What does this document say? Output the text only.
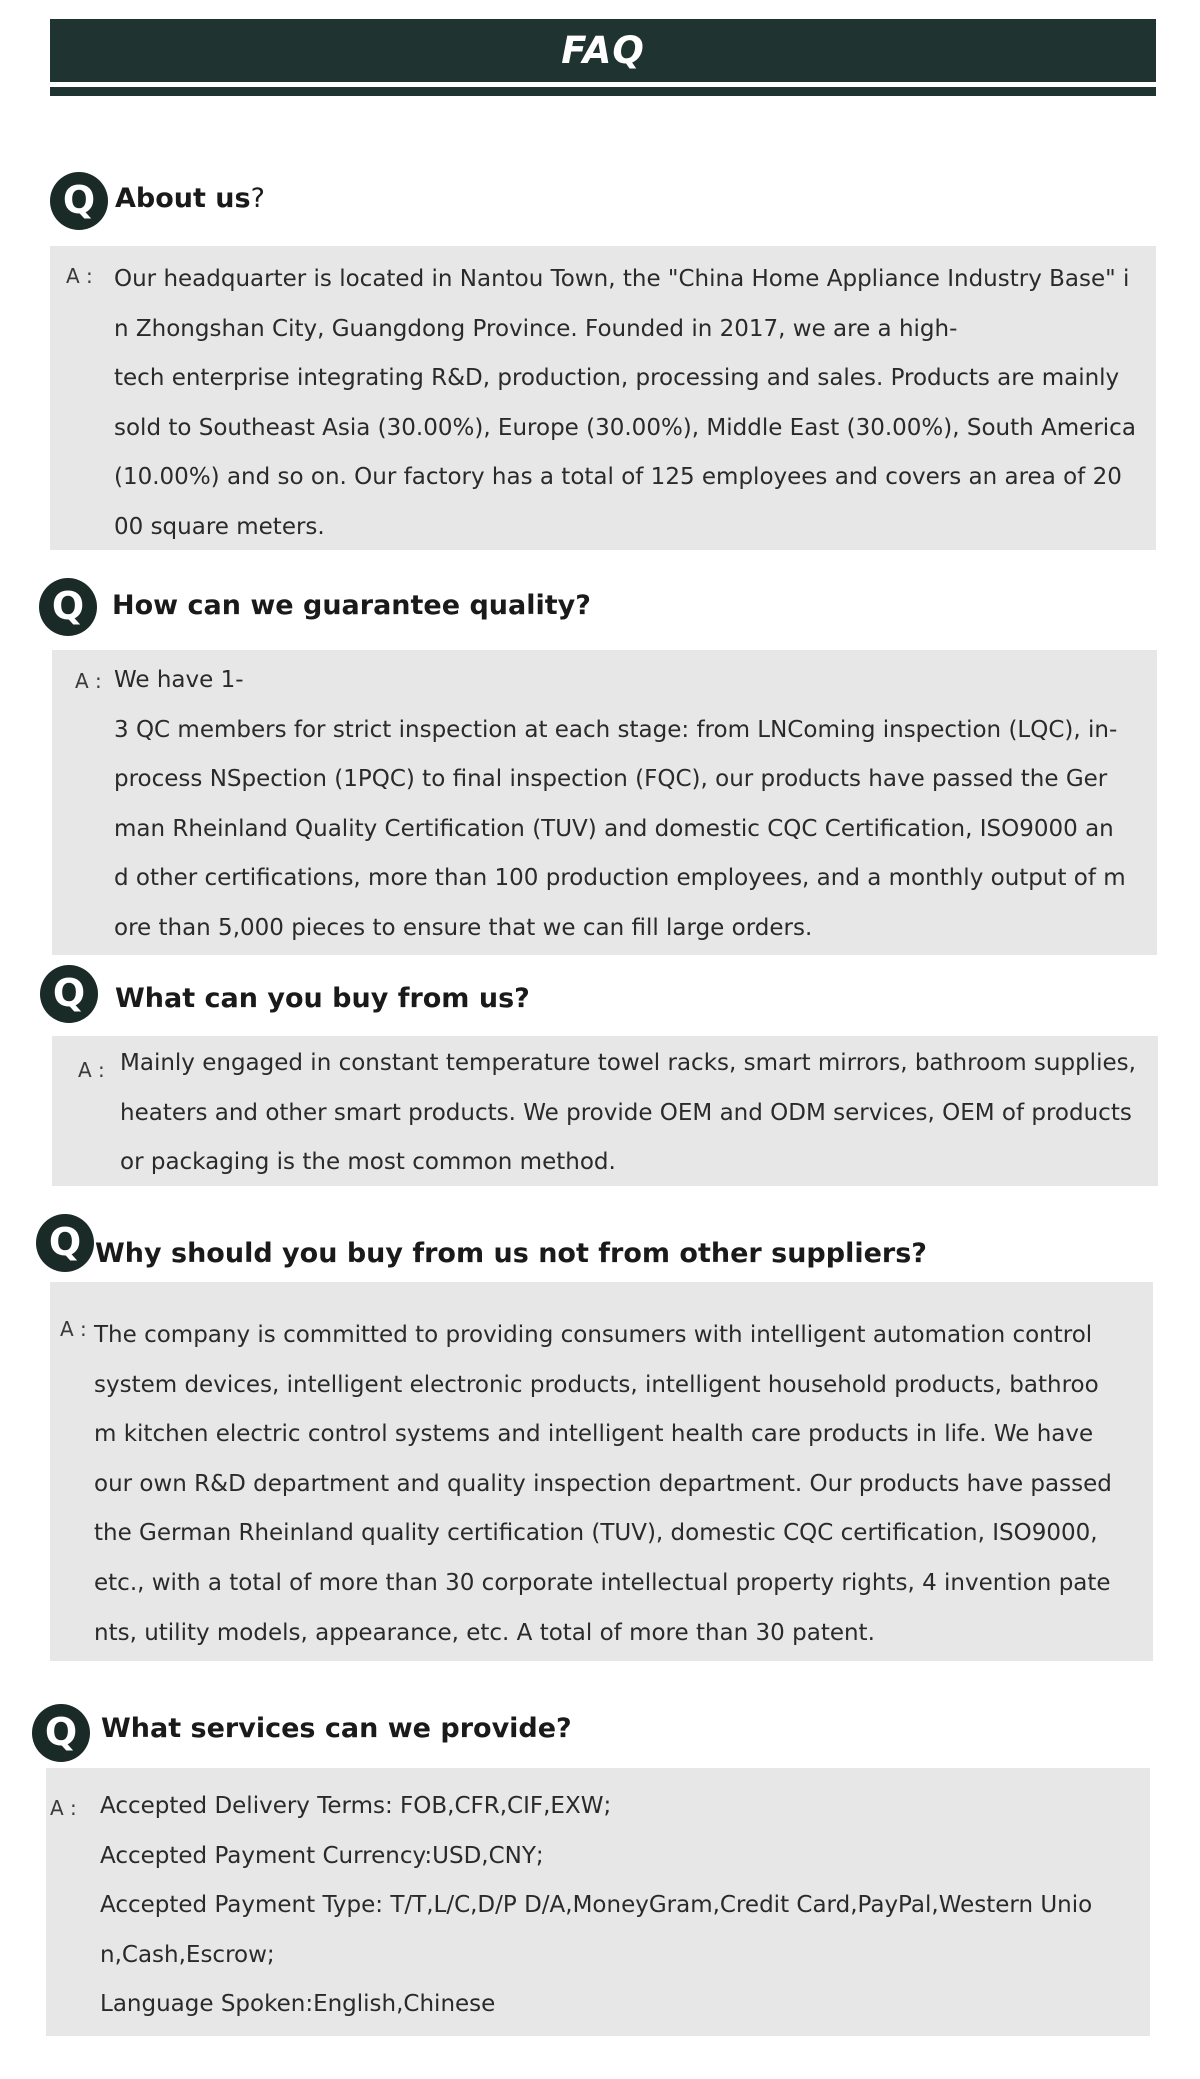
FAQ
Q About us?
A : Our headquarter is located in Nantou Town, the "China Home Appliance Industry Base" i
n Zhongshan City, Guangdong Province. Founded in 2017, we are a high-
tech enterprise integrating R&D, production, processing and sales. Products are mainly
sold to Southeast Asia (30.00%), Europe (30.00%), Middle East (30.00%), South America
(10.00%) and so on. Our factory has a total of 125 employees and covers an area of 20
00 square meters.
Q How can we guarantee quality?
A : We have 1-
3 QC members for strict inspection at each stage: from LNComing inspection (LQC), in-
process NSpection (1PQC) to final inspection (FQC), our products have passed the Ger
man Rheinland Quality Certification (TUV) and domestic CQC Certification, ISO9000 an
d other certifications, more than 100 production employees, and a monthly output of m
ore than 5,000 pieces to ensure that we can fill large orders.
Q What can you buy from us?
A : Mainly engaged in constant temperature towel racks, smart mirrors, bathroom supplies,
heaters and other smart products. We provide OEM and ODM services, OEM of products
or packaging is the most common method.
Q Why should you buy from us not from other suppliers?
A : The company is committed to providing consumers with intelligent automation control
system devices, intelligent electronic products, intelligent household products, bathroo
m kitchen electric control systems and intelligent health care products in life. We have
our own R&D department and quality inspection department. Our products have passed
the German Rheinland quality certification (TUV), domestic CQC certification, ISO9000,
etc., with a total of more than 30 corporate intellectual property rights, 4 invention pate
nts, utility models, appearance, etc. A total of more than 30 patent.
Q What services can we provide?
A : Accepted Delivery Terms: FOB,CFR,CIF,EXW;
Accepted Payment Currency:USD,CNY;
Accepted Payment Type: T/T,L/C,D/P D/A,MoneyGram,Credit Card,PayPal,Western Unio
n,Cash,Escrow;
Language Spoken:English,Chinese
